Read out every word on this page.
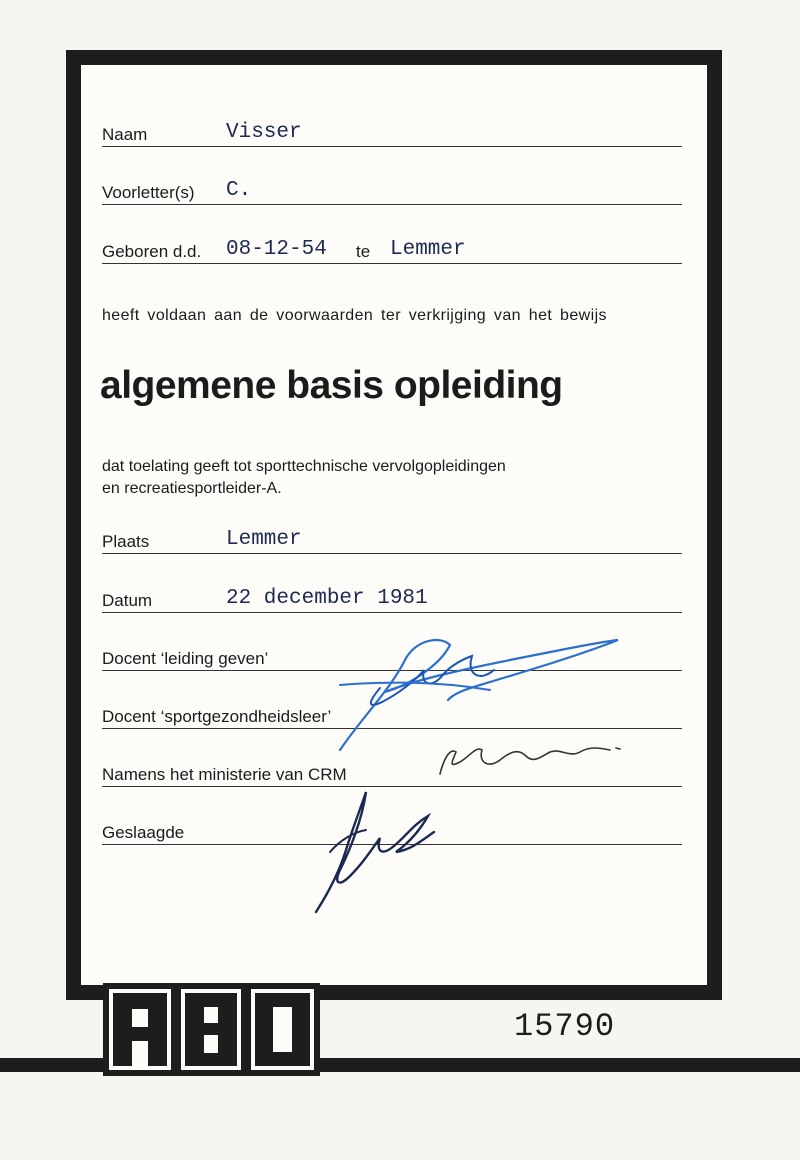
Naam	Visser
Voorletter(s) C.
Geboren d.d. 08-12-54 te Lemmer
heeft voldaan aan de voorwaarden ter verkrijging van het bewijs
algemene basis opleiding
dat toelating geeft tot sporttechnische vervolgopleidingen
en recreatiesportleider-A.
Plaats	Lemmer
Datum	22 december 1981
Docent ‘leiding geven’
Docent ‘sportgezondheidsleer’
Namens het ministerie van CRM
Geslaagde
15790
